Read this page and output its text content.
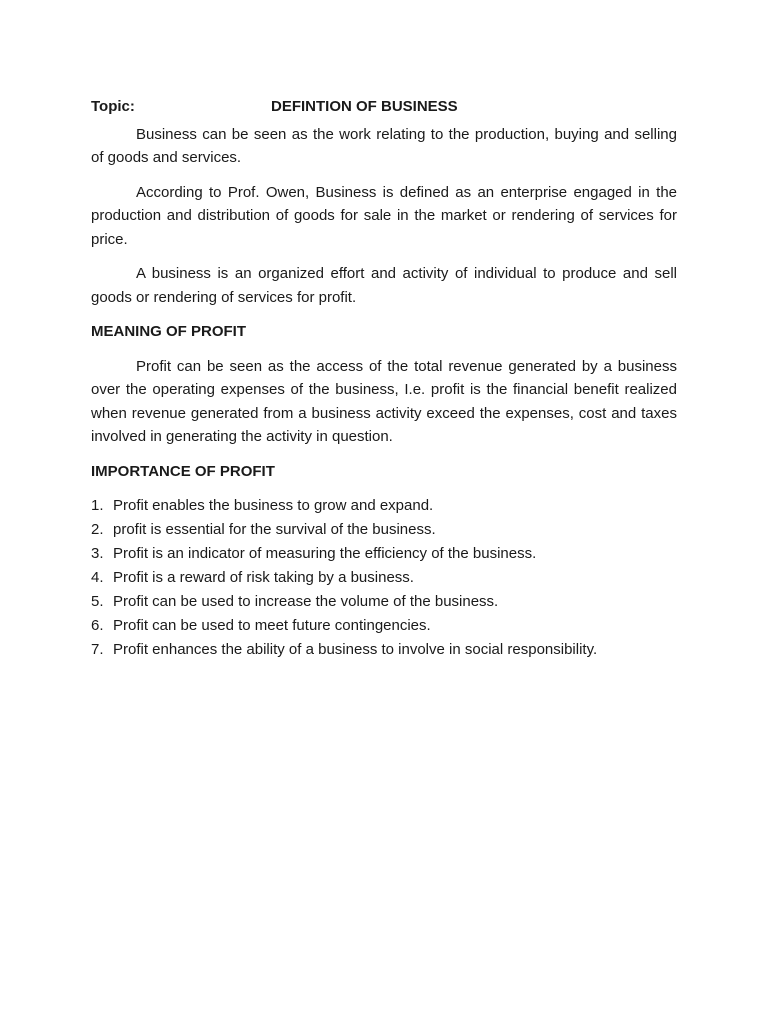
Topic:	DEFINTION OF BUSINESS

Business can be seen as the work relating to the production, buying and selling of goods and services.

According to Prof. Owen, Business is defined as an enterprise engaged in the production and distribution of goods for sale in the market or rendering of services for price.

A business is an organized effort and activity of individual to produce and sell goods or rendering of services for profit.

MEANING OF PROFIT

Profit can be seen as the access of the total revenue generated by a business over the operating expenses of the business, I.e. profit is the financial benefit realized when revenue generated from a business activity exceed the expenses, cost and taxes involved in generating the activity in question.

IMPORTANCE OF PROFIT
1. Profit enables the business to grow and expand.
2. profit is essential for the survival of the business.
3. Profit is an indicator of measuring the efficiency of the business.
4. Profit is a reward of risk taking by a business.
5. Profit can be used to increase the volume of the business.
6. Profit can be used to meet future contingencies.
7. Profit enhances the ability of a business to involve in social responsibility.
